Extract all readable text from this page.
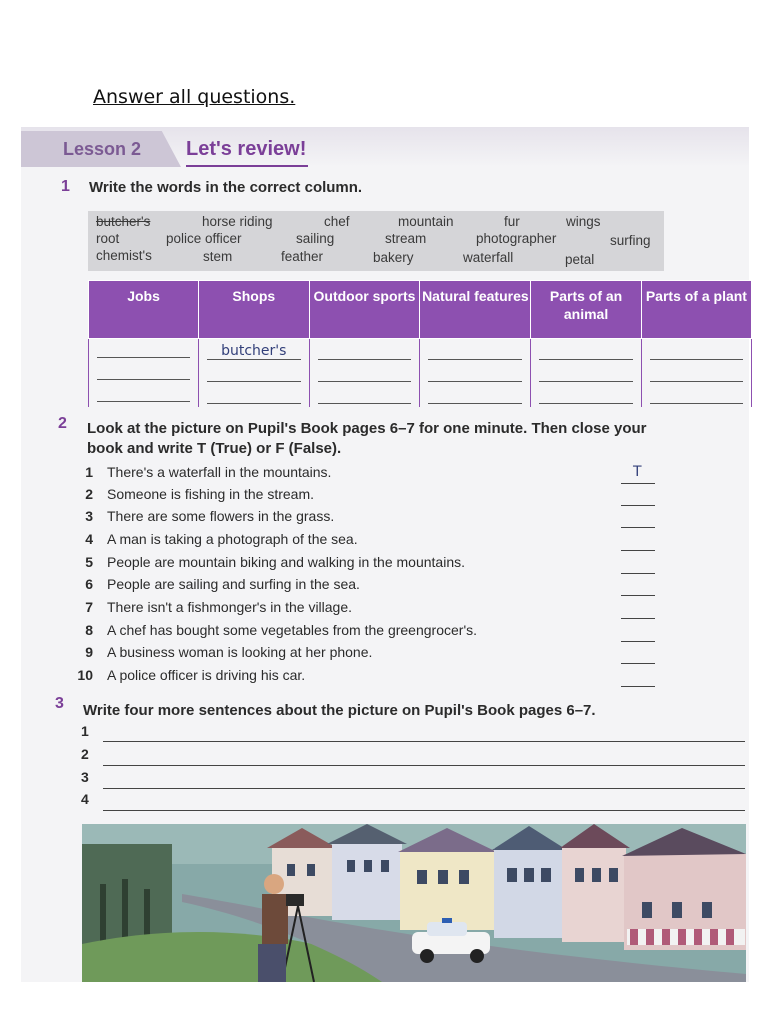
Answer all questions.
Lesson 2 Let's review!
1 Write the words in the correct column.
butcher's	horse riding	chef	mountain	fur	wings
root	police officer	sailing	stream	photographer	surfing
chemist's	stem	feather	bakery	waterfall	petal
Jobs	Shops	Outdoor sports	Natural features	Parts of an animal	Parts of a plant

	butcher's				

2 Look at the picture on Pupil's Book pages 6–7 for one minute. Then close your
book and write T (True) or F (False).
1 There's a waterfall in the mountains.	T
2 Someone is fishing in the stream.
3 There are some flowers in the grass.
4 A man is taking a photograph of the sea.
5 People are mountain biking and walking in the mountains.
6 People are sailing and surfing in the sea.
7 There isn't a fishmonger's in the village.
8 A chef has bought some vegetables from the greengrocer's.
9 A business woman is looking at her phone.
10 A police officer is driving his car.
3 Write four more sentences about the picture on Pupil's Book pages 6–7.
1
2
3
4
